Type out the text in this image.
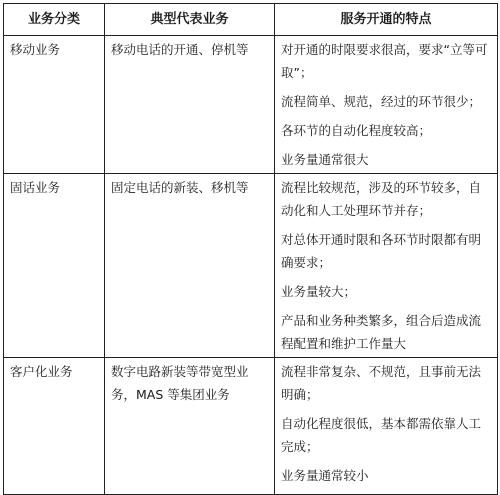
业务分类	典型代表业务	服务开通的特点

移动业务	移动电话的开通、停机等	对开通的时限要求很高，要求“立等可取”；
流程简单、规范，经过的环节很少；
各环节的自动化程度较高；
业务量通常很大

固话业务	固定电话的新装、移机等	流程比较规范，涉及的环节较多，自动化和人工处理环节并存；
对总体开通时限和各环节时限都有明确要求；
业务量较大；
产品和业务种类繁多，组合后造成流程配置和维护工作量大

客户化业务	数字电路新装等带宽型业务，MAS 等集团业务	流程非常复杂、不规范，且事前无法明确；
自动化程度很低，基本都需依靠人工完成；
业务量通常较小
